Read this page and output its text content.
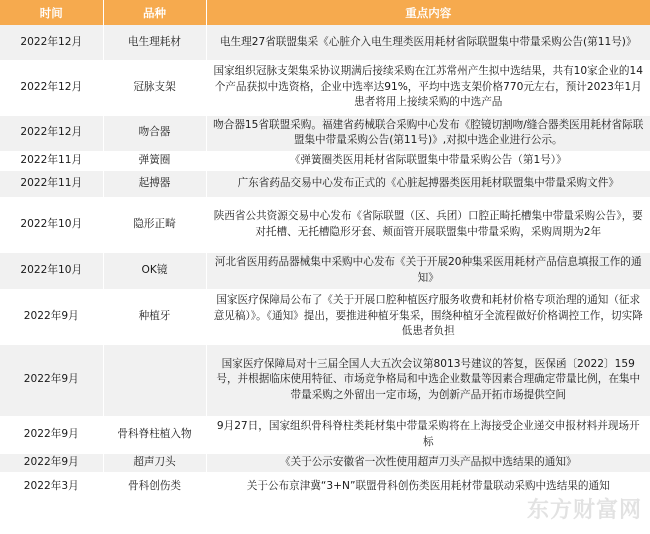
时间	品种	重点内容
2022年12月	电生理耗材	电生理27省联盟集采《心脏介入电生理类医用耗材省际联盟集中带量采购公告(第11号)》
2022年12月	冠脉支架	国家组织冠脉支架集采协议期满后接续采购在江苏常州产生拟中选结果，共有10家企业的14个产品获拟中选资格，企业中选率达91%，平均中选支架价格770元左右，预计2023年1月患者将用上接续采购的中选产品
2022年12月	吻合器	吻合器15省联盟采购。福建省药械联合采购中心发布《腔镜切割吻/缝合器类医用耗材省际联盟集中带量采购公告(第11号)》,对拟中选企业进行公示。
2022年11月	弹簧圈	《弹簧圈类医用耗材省际联盟集中带量采购公告（第1号）》
2022年11月	起搏器	广东省药品交易中心发布正式的《心脏起搏器类医用耗材联盟集中带量采购文件》
2022年10月	隐形正畸	陕西省公共资源交易中心发布《省际联盟（区、兵团）口腔正畸托槽集中带量采购公告》，要对托槽、无托槽隐形牙套、颊面管开展联盟集中带量采购，采购周期为2年
2022年10月	OK镜	河北省医用药品器械集中采购中心发布《关于开展20种集采医用耗材产品信息填报工作的通知》
2022年9月	种植牙	国家医疗保障局公布了《关于开展口腔种植医疗服务收费和耗材价格专项治理的通知（征求意见稿）》。《通知》提出，要推进种植牙集采，围绕种植牙全流程做好价格调控工作，切实降低患者负担
2022年9月		国家医疗保障局对十三届全国人大五次会议第8013号建议的答复，医保函〔2022〕159号，并根据临床使用特征、市场竞争格局和中选企业数量等因素合理确定带量比例，在集中带量采购之外留出一定市场，为创新产品开拓市场提供空间
2022年9月	骨科脊柱植入物	9月27日，国家组织骨科脊柱类耗材集中带量采购将在上海接受企业递交申报材料并现场开标
2022年9月	超声刀头	《关于公示安徽省一次性使用超声刀头产品拟中选结果的通知》
2022年3月	骨科创伤类	关于公布京津冀“3+N”联盟骨科创伤类医用耗材带量联动采购中选结果的通知
东方财富网
